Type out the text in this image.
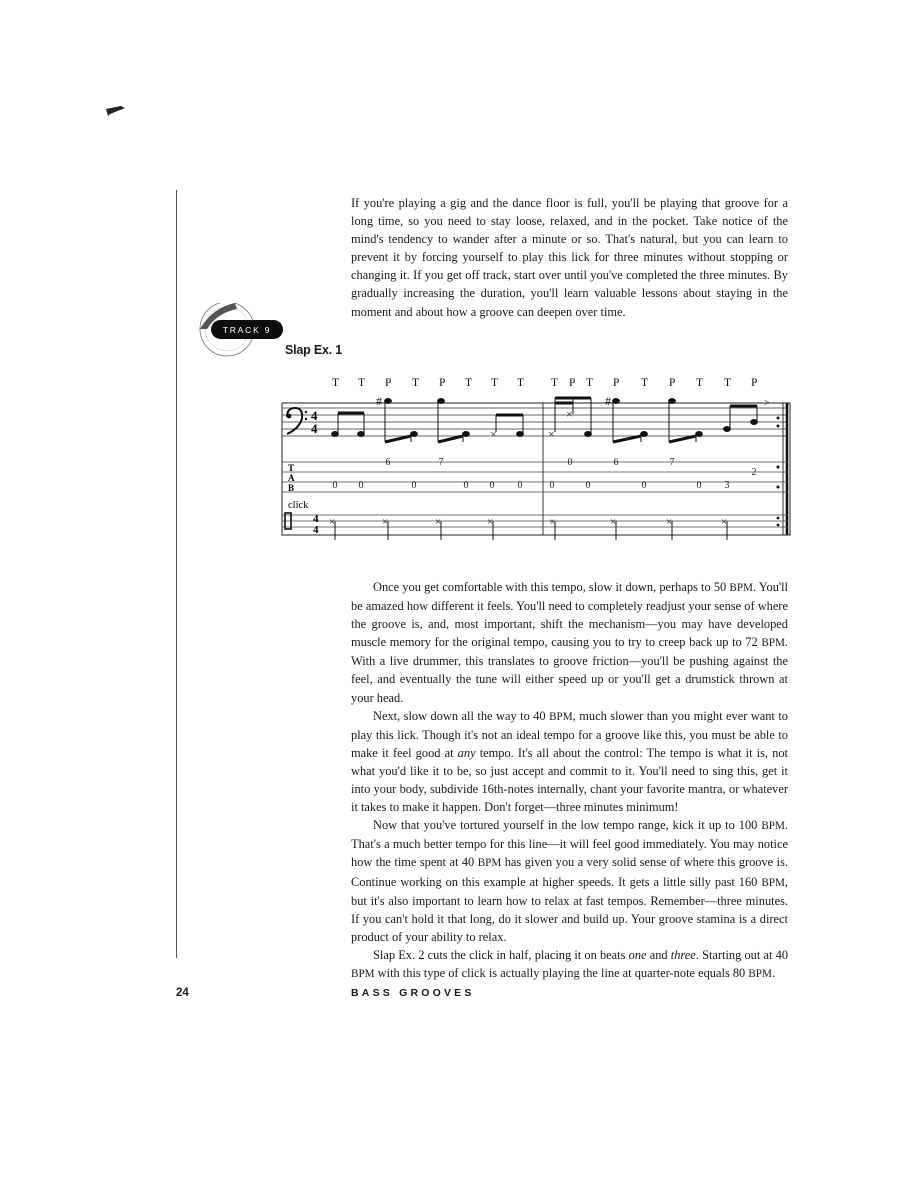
If you're playing a gig and the dance floor is full, you'll be playing that groove for a long time, so you need to stay loose, relaxed, and in the pocket. Take notice of the mind's tendency to wander after a minute or so. That's natural, but you can learn to prevent it by forcing yourself to play this lick for three minutes without stopping or changing it. If you get off track, start over until you've completed the three minutes. By gradually increasing the duration, you'll learn valuable lessons about staying in the moment and about how a groove can deepen over time.

TRACK 9
Slap Ex. 1
T T P T P T T T T P T P T P T T P
4
4
#
×	×
×
#	>
T
A
B
6	7	0	6	7
2
0 0	0	0 0 0	0	0	0	0 3
click
4
4
×	×	×	×	×	×	×	×
Once you get comfortable with this tempo, slow it down, perhaps to 50 BPM. You'll be amazed how different it feels. You'll need to completely readjust your sense of where the groove is, and, most important, shift the mechanism—you may have developed muscle memory for the original tempo, causing you to try to creep back up to 72 BPM. With a live drummer, this translates to groove friction—you'll be pushing against the feel, and eventually the tune will either speed up or you'll get a drumstick thrown at your head.
Next, slow down all the way to 40 BPM, much slower than you might ever want to play this lick. Though it's not an ideal tempo for a groove like this, you must be able to make it feel good at any tempo. It's all about the control: The tempo is what it is, not what you'd like it to be, so just accept and commit to it. You'll need to sing this, get it into your body, subdivide 16th-notes internally, chant your favorite mantra, or whatever it takes to make it happen. Don't forget—three minutes minimum!
Now that you've tortured yourself in the low tempo range, kick it up to 100 BPM. That's a much better tempo for this line—it will feel good immediately. You may notice how the time spent at 40 BPM has given you a very solid sense of where this groove is. Continue working on this example at higher speeds. It gets a little silly past 160 BPM, but it's also important to learn how to relax at fast tempos. Remember—three minutes. If you can't hold it that long, do it slower and build up. Your groove stamina is a direct product of your ability to relax.
Slap Ex. 2 cuts the click in half, placing it on beats one and three. Starting out at 40 BPM with this type of click is actually playing the line at quarter-note equals 80 BPM.
24	BASS GROOVES
